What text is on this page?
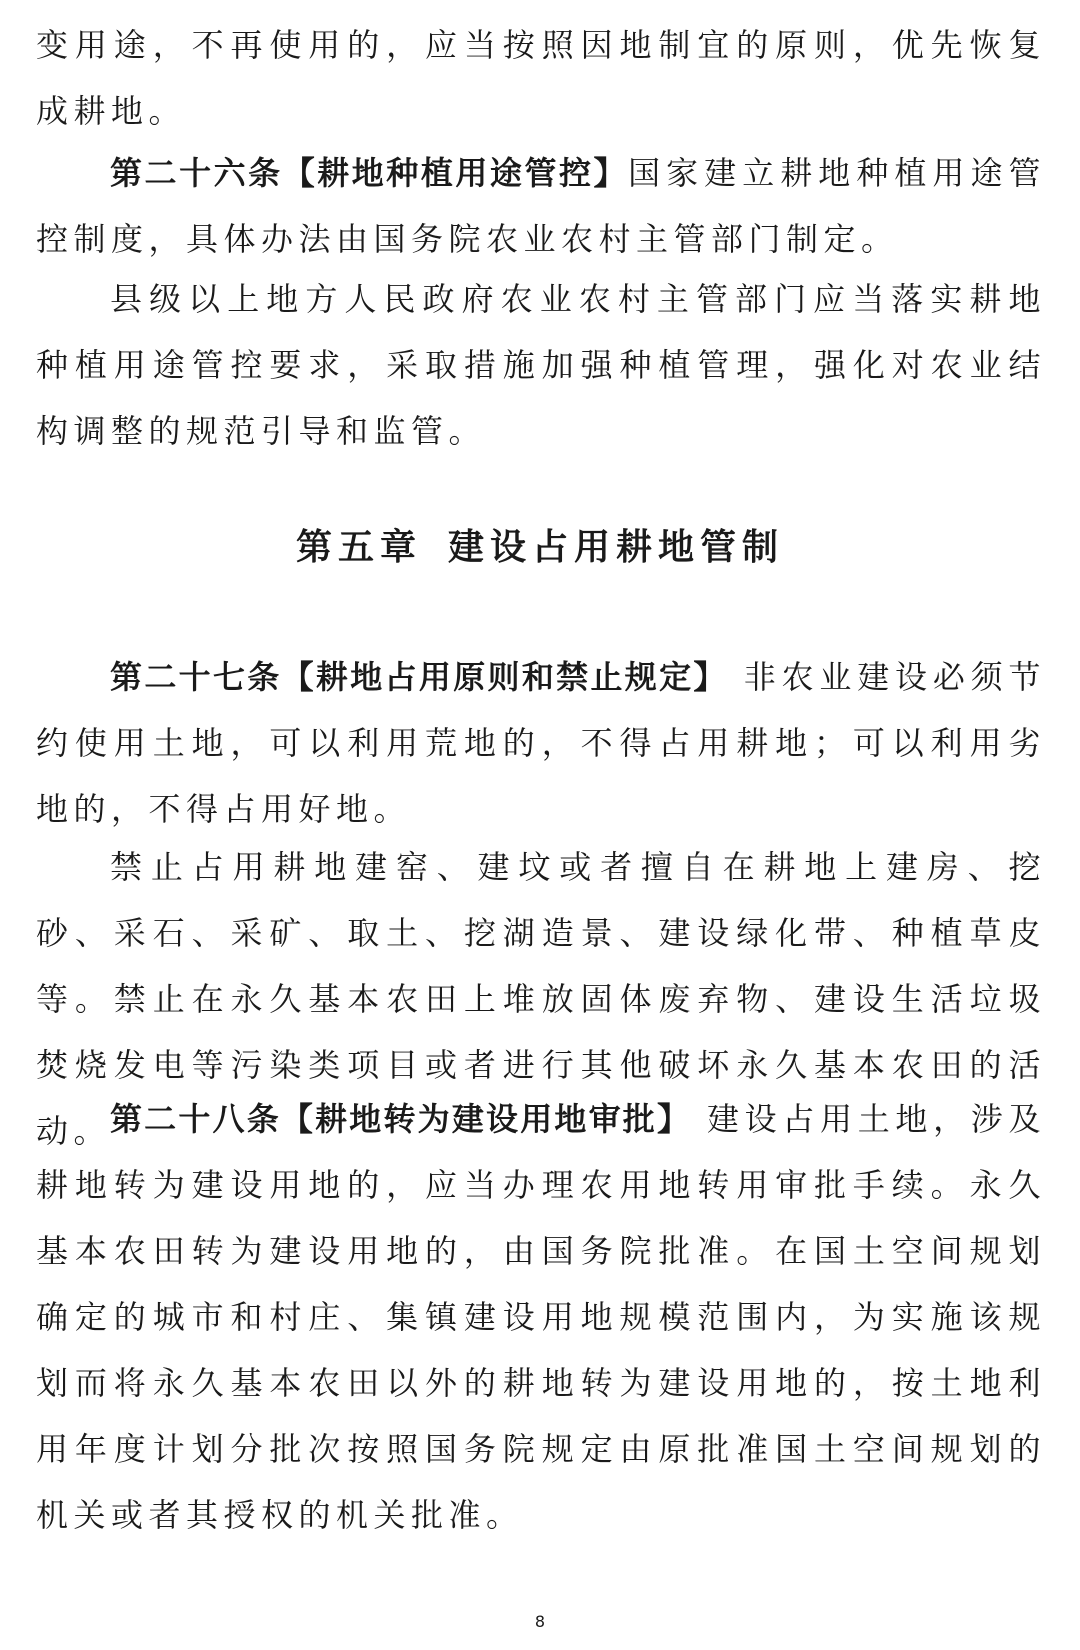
变用途，不再使用的，应当按照因地制宜的原则，优先恢复成耕地。

第二十六条【耕地种植用途管控】国家建立耕地种植用途管控制度，具体办法由国务院农业农村主管部门制定。

县级以上地方人民政府农业农村主管部门应当落实耕地种植用途管控要求，采取措施加强种植管理，强化对农业结构调整的规范引导和监管。

第五章 建设占用耕地管制

第二十七条【耕地占用原则和禁止规定】 非农业建设必须节约使用土地，可以利用荒地的，不得占用耕地；可以利用劣地的，不得占用好地。

禁止占用耕地建窑、建坟或者擅自在耕地上建房、挖砂、采石、采矿、取土、挖湖造景、建设绿化带、种植草皮等。禁止在永久基本农田上堆放固体废弃物、建设生活垃圾焚烧发电等污染类项目或者进行其他破坏永久基本农田的活动。

第二十八条【耕地转为建设用地审批】 建设占用土地，涉及耕地转为建设用地的，应当办理农用地转用审批手续。永久基本农田转为建设用地的，由国务院批准。在国土空间规划确定的城市和村庄、集镇建设用地规模范围内，为实施该规划而将永久基本农田以外的耕地转为建设用地的，按土地利用年度计划分批次按照国务院规定由原批准国土空间规划的机关或者其授权的机关批准。

8
